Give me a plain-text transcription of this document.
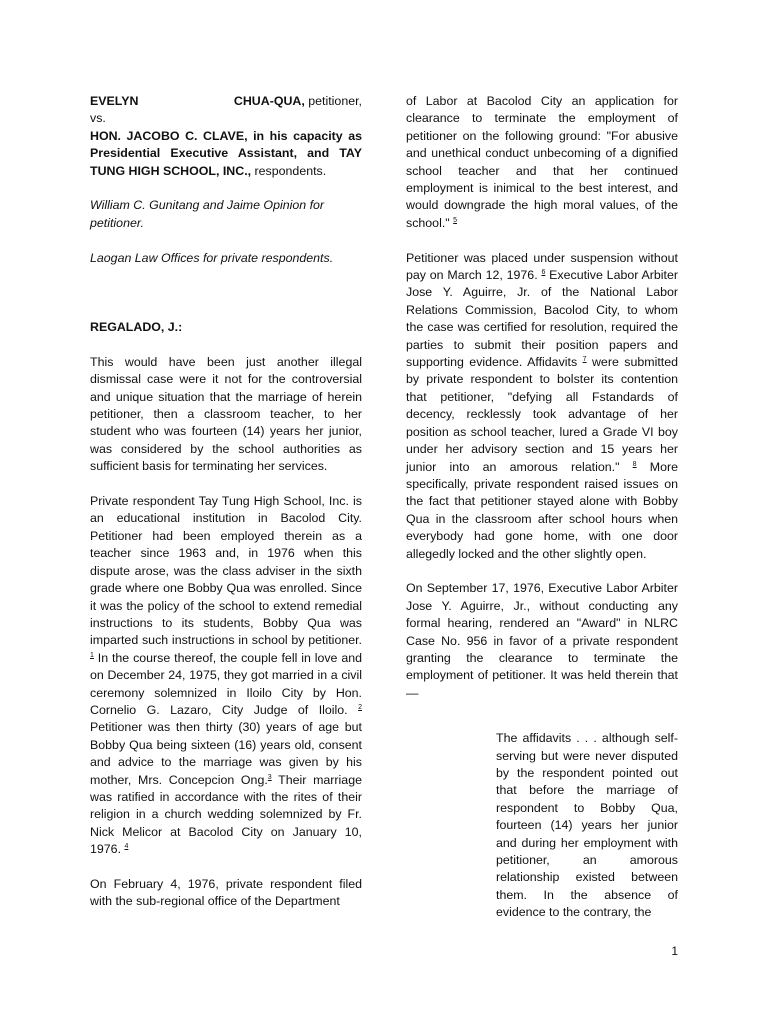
EVELYN	CHUA-QUA, petitioner,
vs.

HON. JACOBO C. CLAVE, in his capacity as Presidential Executive Assistant, and TAY TUNG HIGH SCHOOL, INC., respondents.

William C. Gunitang and Jaime Opinion for petitioner.

Laogan Law Offices for private respondents.

REGALADO, J.:

This would have been just another illegal dismissal case were it not for the controversial and unique situation that the marriage of herein petitioner, then a classroom teacher, to her student who was fourteen (14) years her junior, was considered by the school authorities as sufficient basis for terminating her services.

Private respondent Tay Tung High School, Inc. is an educational institution in Bacolod City. Petitioner had been employed therein as a teacher since 1963 and, in 1976 when this dispute arose, was the class adviser in the sixth grade where one Bobby Qua was enrolled. Since it was the policy of the school to extend remedial instructions to its students, Bobby Qua was imparted such instructions in school by petitioner. $^1$ In the course thereof, the couple fell in love and on December 24, 1975, they got married in a civil ceremony solemnized in Iloilo City by Hon. Cornelio G. Lazaro, City Judge of Iloilo. $^2$ Petitioner was then thirty (30) years of age but Bobby Qua being sixteen (16) years old, consent and advice to the marriage was given by his mother, Mrs. Concepcion Ong.$^3$ Their marriage was ratified in accordance with the rites of their religion in a church wedding solemnized by Fr. Nick Melicor at Bacolod City on January 10, 1976. $^4$

On February 4, 1976, private respondent filed with the sub-regional office of the Department

of Labor at Bacolod City an application for clearance to terminate the employment of petitioner on the following ground: "For abusive and unethical conduct unbecoming of a dignified school teacher and that her continued employment is inimical to the best interest, and would downgrade the high moral values, of the school." $^5$

Petitioner was placed under suspension without pay on March 12, 1976. $^6$ Executive Labor Arbiter Jose Y. Aguirre, Jr. of the National Labor Relations Commission, Bacolod City, to whom the case was certified for resolution, required the parties to submit their position papers and supporting evidence. Affidavits $^7$ were submitted by private respondent to bolster its contention that petitioner, "defying all Fstandards of decency, recklessly took advantage of her position as school teacher, lured a Grade VI boy under her advisory section and 15 years her junior into an amorous relation." $^8$ More specifically, private respondent raised issues on the fact that petitioner stayed alone with Bobby Qua in the classroom after school hours when everybody had gone home, with one door allegedly locked and the other slightly open.

On September 17, 1976, Executive Labor Arbiter Jose Y. Aguirre, Jr., without conducting any formal hearing, rendered an "Award" in NLRC Case No. 956 in favor of a private respondent granting the clearance to terminate the employment of petitioner. It was held therein that —

The affidavits . . . although self-serving but were never disputed by the respondent pointed out that before the marriage of respondent to Bobby Qua, fourteen (14) years her junior and during her employment with petitioner, an amorous relationship existed between them. In the absence of evidence to the contrary, the

1
